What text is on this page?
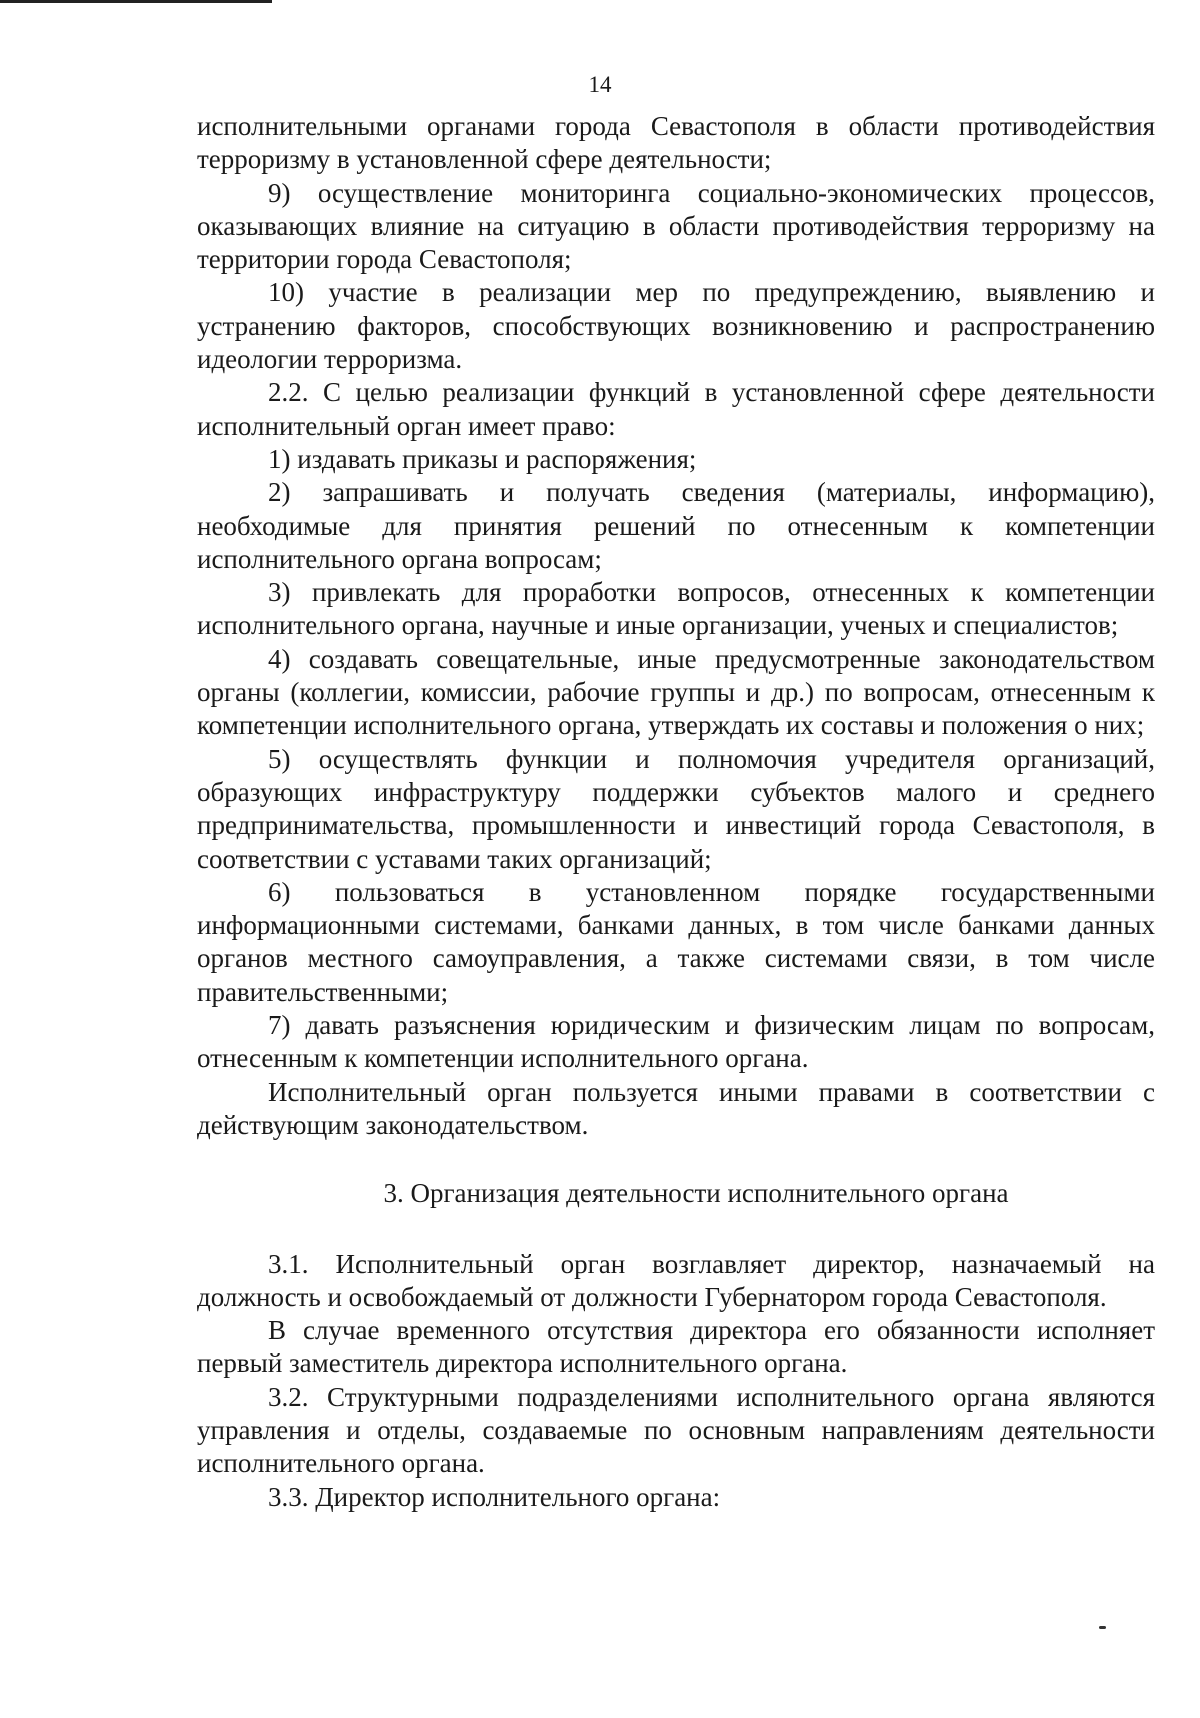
14

исполнительными органами города Севастополя в области противодействия терроризму в установленной сфере деятельности;

9) осуществление мониторинга социально-экономических процессов, оказывающих влияние на ситуацию в области противодействия терроризму на территории города Севастополя;

10) участие в реализации мер по предупреждению, выявлению и устранению факторов, способствующих возникновению и распространению идеологии терроризма.

2.2. С целью реализации функций в установленной сфере деятельности исполнительный орган имеет право:

1) издавать приказы и распоряжения;

2) запрашивать и получать сведения (материалы, информацию), необходимые для принятия решений по отнесенным к компетенции исполнительного органа вопросам;

3) привлекать для проработки вопросов, отнесенных к компетенции исполнительного органа, научные и иные организации, ученых и специалистов;

4) создавать совещательные, иные предусмотренные законодательством органы (коллегии, комиссии, рабочие группы и др.) по вопросам, отнесенным к компетенции исполнительного органа, утверждать их составы и положения о них;

5) осуществлять функции и полномочия учредителя организаций, образующих инфраструктуру поддержки субъектов малого и среднего предпринимательства, промышленности и инвестиций города Севастополя, в соответствии с уставами таких организаций;

6) пользоваться в установленном порядке государственными информационными системами, банками данных, в том числе банками данных органов местного самоуправления, а также системами связи, в том числе правительственными;

7) давать разъяснения юридическим и физическим лицам по вопросам, отнесенным к компетенции исполнительного органа.

Исполнительный орган пользуется иными правами в соответствии с действующим законодательством.

3. Организация деятельности исполнительного органа

3.1. Исполнительный орган возглавляет директор, назначаемый на должность и освобождаемый от должности Губернатором города Севастополя.

В случае временного отсутствия директора его обязанности исполняет первый заместитель директора исполнительного органа.

3.2. Структурными подразделениями исполнительного органа являются управления и отделы, создаваемые по основным направлениям деятельности исполнительного органа.

3.3. Директор исполнительного органа:
